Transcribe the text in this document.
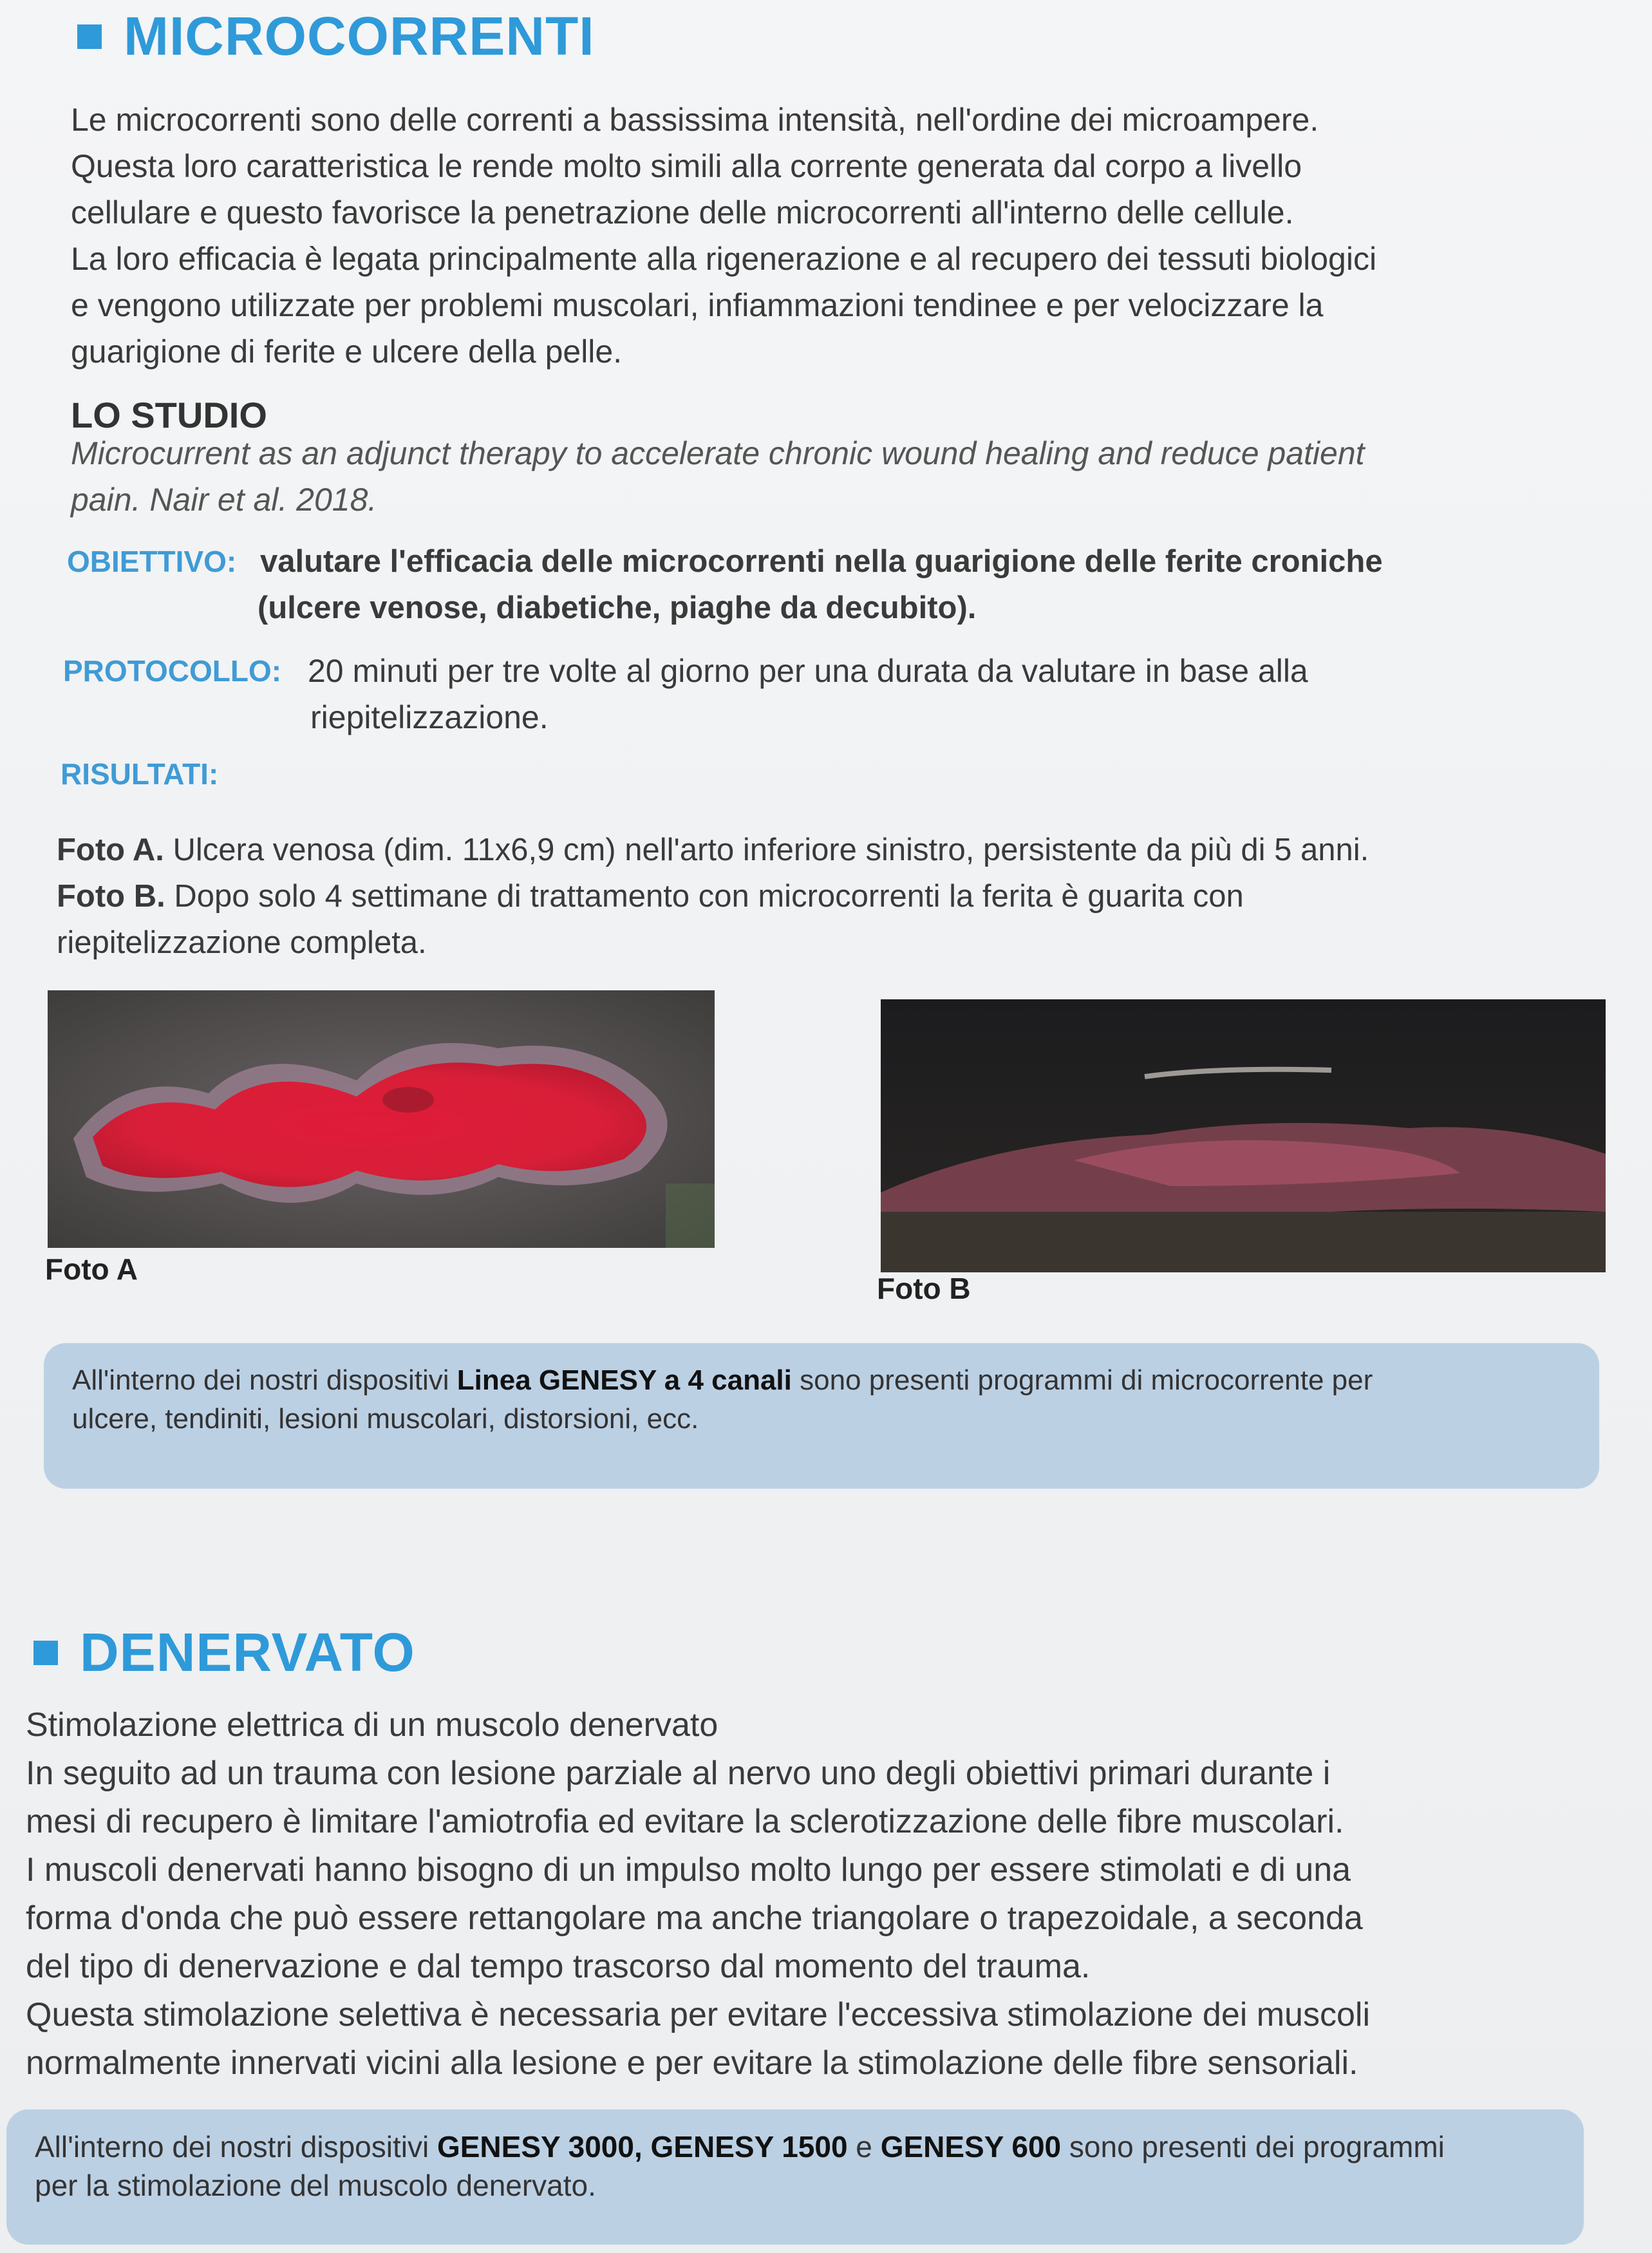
MICROCORRENTI
Le microcorrenti sono delle correnti a bassissima intensità, nell'ordine dei microampere.
Questa loro caratteristica le rende molto simili alla corrente generata dal corpo a livello
cellulare e questo favorisce la penetrazione delle microcorrenti all'interno delle cellule.
La loro efficacia è legata principalmente alla rigenerazione e al recupero dei tessuti biologici
e vengono utilizzate per problemi muscolari, infiammazioni tendinee e per velocizzare la
guarigione di ferite e ulcere della pelle.
LO STUDIO
Microcurrent as an adjunct therapy to accelerate chronic wound healing and reduce patient
pain. Nair et al. 2018.
OBIETTIVO: valutare l'efficacia delle microcorrenti nella guarigione delle ferite croniche
(ulcere venose, diabetiche, piaghe da decubito).
PROTOCOLLO: 20 minuti per tre volte al giorno per una durata da valutare in base alla
riepitelizzazione.
RISULTATI:
Foto A. Ulcera venosa (dim. 11x6,9 cm) nell'arto inferiore sinistro, persistente da più di 5 anni.
Foto B. Dopo solo 4 settimane di trattamento con microcorrenti la ferita è guarita con
riepitelizzazione completa.
Foto A
Foto B
All'interno dei nostri dispositivi Linea GENESY a 4 canali sono presenti programmi di microcorrente per
ulcere, tendiniti, lesioni muscolari, distorsioni, ecc.
DENERVATO
Stimolazione elettrica di un muscolo denervato
In seguito ad un trauma con lesione parziale al nervo uno degli obiettivi primari durante i
mesi di recupero è limitare l'amiotrofia ed evitare la sclerotizzazione delle fibre muscolari.
I muscoli denervati hanno bisogno di un impulso molto lungo per essere stimolati e di una
forma d'onda che può essere rettangolare ma anche triangolare o trapezoidale, a seconda
del tipo di denervazione e dal tempo trascorso dal momento del trauma.
Questa stimolazione selettiva è necessaria per evitare l'eccessiva stimolazione dei muscoli
normalmente innervati vicini alla lesione e per evitare la stimolazione delle fibre sensoriali.
All'interno dei nostri dispositivi GENESY 3000, GENESY 1500 e GENESY 600 sono presenti dei programmi
per la stimolazione del muscolo denervato.
